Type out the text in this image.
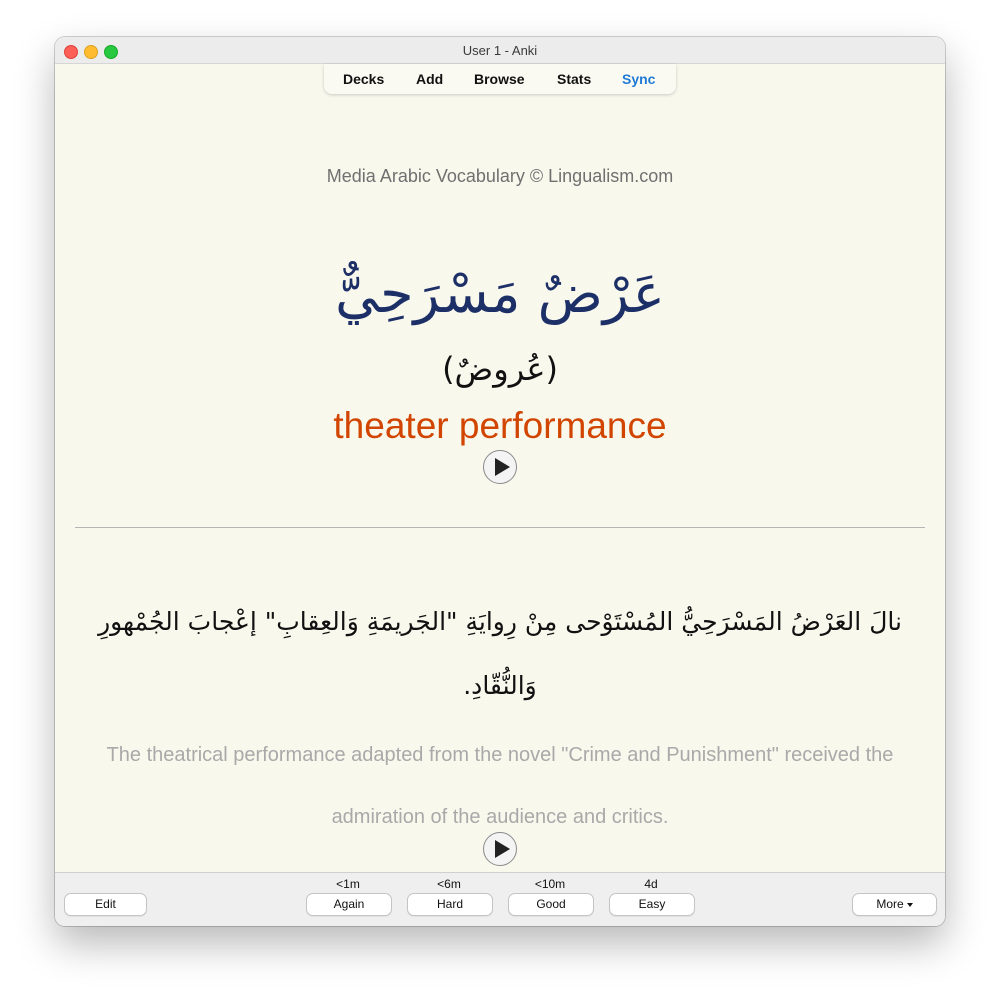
User 1 - Anki
Decks Add Browse Stats Sync
Media Arabic Vocabulary © Lingualism.com
عَرْضٌ مَسْرَحِيٌّ
(عُروضٌ)
theater performance
نالَ العَرْضُ المَسْرَحِيُّ المُسْتَوْحى مِنْ رِوايَةِ "الجَريمَةِ وَالعِقابِ" إعْجابَ الجُمْهورِ وَالنُّقّادِ.
The theatrical performance adapted from the novel "Crime and Punishment" received the admiration of the audience and critics.
Edit
<1m
Again
<6m
Hard
<10m
Good
4d
Easy	More
